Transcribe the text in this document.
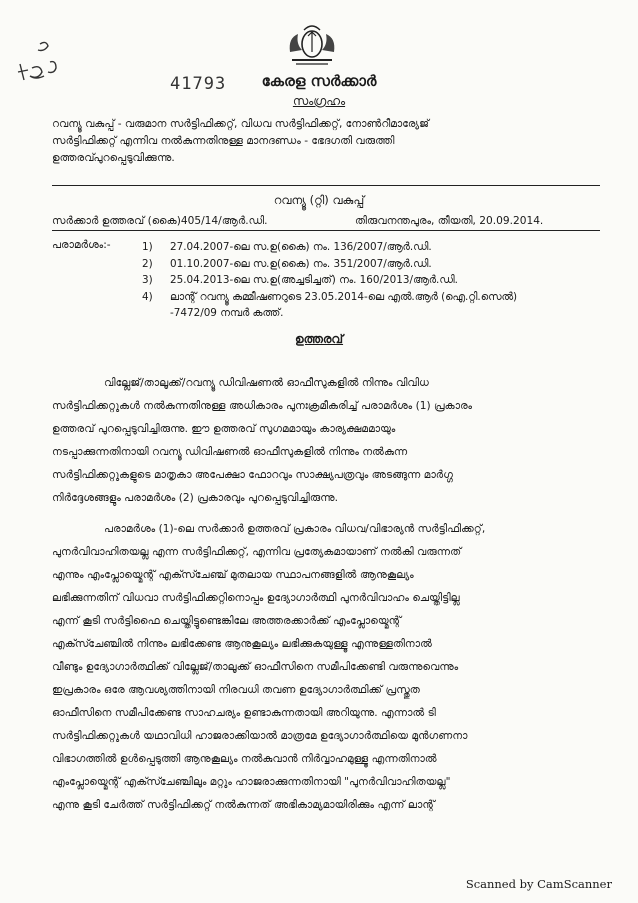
41793	കേരള സർക്കാർ
സംഗ്രഹം
റവന്യൂ വകുപ്പ് - വരുമാന സർട്ടിഫിക്കറ്റ്, വിധവ സർട്ടിഫിക്കറ്റ്, നോൺറീമാര്യേജ്
സർട്ടിഫിക്കറ്റ് എന്നിവ നൽകുന്നതിനുള്ള മാനദണ്ഡം - ഭേദഗതി വരുത്തി
ഉത്തരവ്പുറപ്പെടുവിക്കുന്നു.
റവന്യൂ (റ്റി) വകുപ്പ്
സർക്കാർ ഉത്തരവ് (കൈ)405/14/ആർ.ഡി.	തിരുവനന്തപുരം, തീയതി, 20.09.2014.
പരാമർശം:-	1)	27.04.2007-ലെ സ.ഉ(കൈ) നം. 136/2007/ആർ.ഡി.
2)	01.10.2007-ലെ സ.ഉ(കൈ) നം. 351/2007/ആർ.ഡി.
3)	25.04.2013-ലെ സ.ഉ(അച്ചടിച്ചത്) നം. 160/2013/ആർ.ഡി.
4)	ലാന്റ് റവന്യൂ കമ്മീഷണറുടെ 23.05.2014-ലെ എൽ.ആർ (ഐ.റ്റി.സെൽ)
-7472/09 നമ്പർ കത്ത്.
ഉത്തരവ്
വില്ലേജ്/താലൂക്ക്/റവന്യൂ ഡിവിഷണൽ ഓഫീസുകളിൽ നിന്നും വിവിധ
സർട്ടിഫിക്കറ്റുകൾ നൽകുന്നതിനുള്ള അധികാരം പുനഃക്രമീകരിച്ച് പരാമർശം (1) പ്രകാരം
ഉത്തരവ് പുറപ്പെടുവിച്ചിരുന്നു. ഈ ഉത്തരവ് സുഗമമായും കാര്യക്ഷമമായും
നടപ്പാക്കുന്നതിനായി റവന്യൂ ഡിവിഷണൽ ഓഫീസുകളിൽ നിന്നും നൽകുന്ന
സർട്ടിഫിക്കറ്റുകളുടെ മാതൃകാ അപേക്ഷാ ഫോറവും സാക്ഷ്യപത്രവും അടങ്ങുന്ന മാർഗ്ഗ
നിർദ്ദേശങ്ങളും പരാമർശം (2) പ്രകാരവും പുറപ്പെടുവിച്ചിരുന്നു.
പരാമർശം (1)-ലെ സർക്കാർ ഉത്തരവ് പ്രകാരം വിധവ/വിഭാര്യൻ സർട്ടിഫിക്കറ്റ്,
പുനർവിവാഹിതയല്ല എന്ന സർട്ടിഫിക്കറ്റ്, എന്നിവ പ്രത്യേകമായാണ് നൽകി വരുന്നത്
എന്നും എംപ്ലോയ്മെന്റ് എക്സ്ചേഞ്ച് മുതലായ സ്ഥാപനങ്ങളിൽ ആനുകൂല്യം
ലഭിക്കുന്നതിന് വിധവാ സർട്ടിഫിക്കറ്റിനൊപ്പം ഉദ്യോഗാർത്ഥി പുനർവിവാഹം ചെയ്തിട്ടില്ല
എന്ന് കൂടി സർട്ടിഫൈ ചെയ്തിട്ടുണ്ടെങ്കിലേ അത്തരക്കാർക്ക് എംപ്ലോയ്മെന്റ്
എക്സ്ചേഞ്ചിൽ നിന്നും ലഭിക്കേണ്ട ആനുകൂല്യം ലഭിക്കുകയുള്ളൂ എന്നുള്ളതിനാൽ
വീണ്ടും ഉദ്യോഗാർത്ഥിക്ക് വില്ലേജ്/താലൂക്ക് ഓഫീസിനെ സമീപിക്കേണ്ടി വരുന്നുവെന്നും
ഇപ്രകാരം ഒരേ ആവശ്യത്തിനായി നിരവധി തവണ ഉദ്യോഗാർത്ഥിക്ക് പ്രസ്തുത
ഓഫീസിനെ സമീപിക്കേണ്ട സാഹചര്യം ഉണ്ടാകുന്നതായി അറിയുന്നു. എന്നാൽ ടി
സർട്ടിഫിക്കറ്റുകൾ യഥാവിധി ഹാജരാക്കിയാൽ മാത്രമേ ഉദ്യോഗാർത്ഥിയെ മുൻഗണനാ
വിഭാഗത്തിൽ ഉൾപ്പെടുത്തി ആനുകൂല്യം നൽകുവാൻ നിർവ്വാഹമുള്ളൂ എന്നതിനാൽ
എംപ്ലോയ്മെന്റ് എക്സ്ചേഞ്ചിലും മറ്റും ഹാജരാക്കുന്നതിനായി "പുനർവിവാഹിതയല്ല"
എന്നു കൂടി ചേർത്ത് സർട്ടിഫിക്കറ്റ് നൽകുന്നത് അഭികാമ്യമായിരിക്കും എന്ന് ലാന്റ്
Scanned by CamScanner
